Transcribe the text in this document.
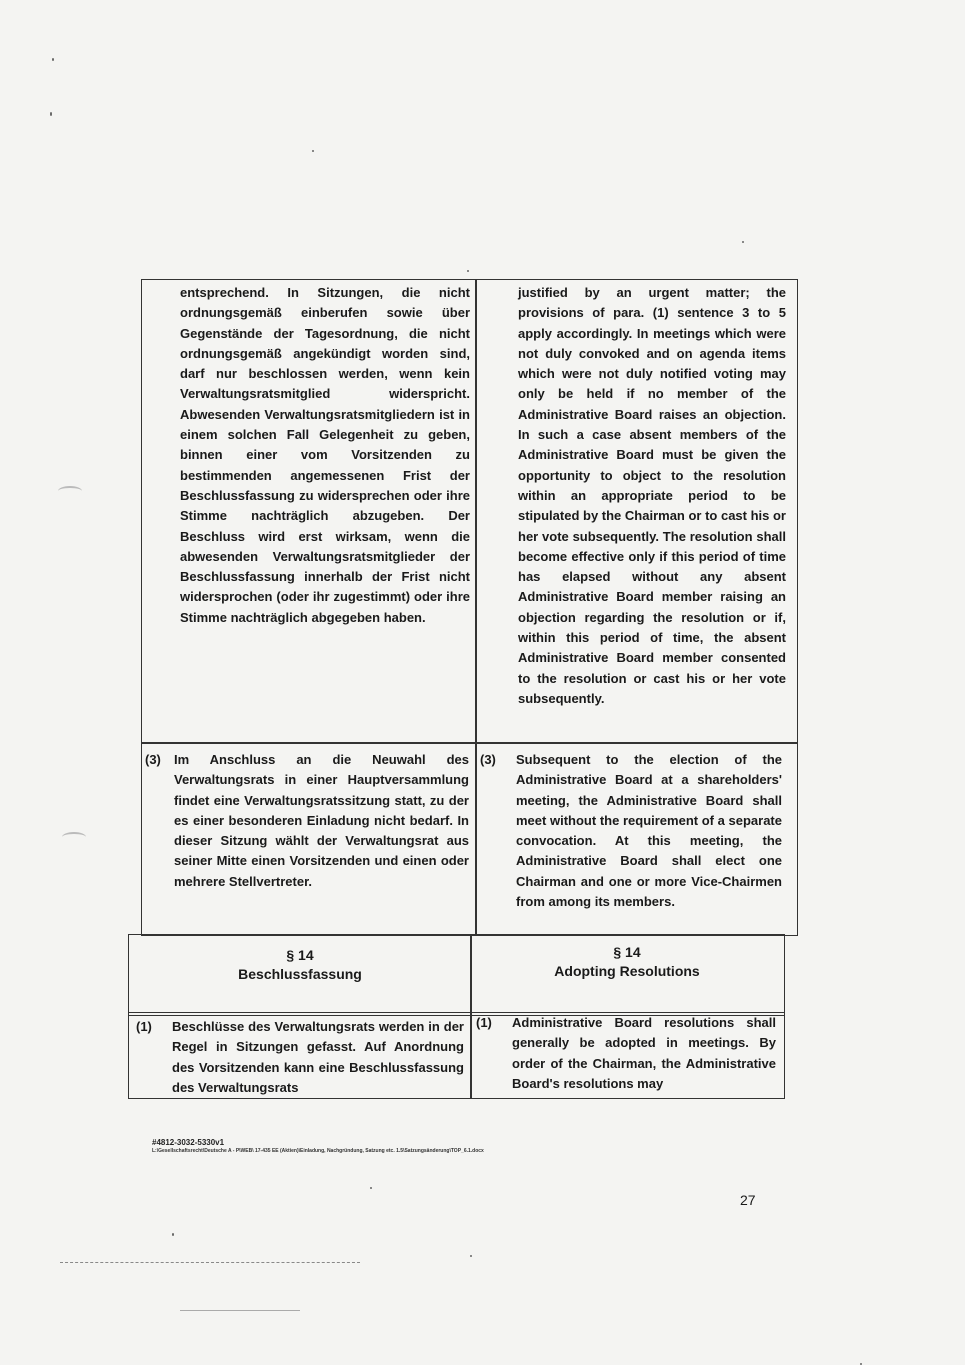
entsprechend. In Sitzungen, die nicht ordnungsgemäß einberufen sowie über Gegenstände der Tagesordnung, die nicht ordnungsgemäß angekündigt worden sind, darf nur beschlossen werden, wenn kein Verwaltungsratsmitglied widerspricht. Abwesenden Verwaltungsratsmitgliedern ist in einem solchen Fall Gelegenheit zu geben, binnen einer vom Vorsitzenden zu bestimmenden angemessenen Frist der Beschlussfassung zu widersprechen oder ihre Stimme nachträglich abzugeben. Der Beschluss wird erst wirksam, wenn die abwesenden Verwaltungsratsmitglieder der Beschlussfassung innerhalb der Frist nicht widersprochen (oder ihr zugestimmt) oder ihre Stimme nachträglich abgegeben haben.
justified by an urgent matter; the provisions of para. (1) sentence 3 to 5 apply accordingly. In meetings which were not duly convoked and on agenda items which were not duly notified voting may only be held if no member of the Administrative Board raises an objection. In such a case absent members of the Administrative Board must be given the opportunity to object to the resolution within an appropriate period to be stipulated by the Chairman or to cast his or her vote subsequently. The resolution shall become effective only if this period of time has elapsed without any absent Administrative Board member raising an objection regarding the resolution or if, within this period of time, the absent Administrative Board member consented to the resolution or cast his or her vote subsequently.
(3) Im Anschluss an die Neuwahl des Verwaltungsrats in einer Hauptversammlung findet eine Verwaltungsratssitzung statt, zu der es einer besonderen Einladung nicht bedarf. In dieser Sitzung wählt der Verwaltungsrat aus seiner Mitte einen Vorsitzenden und einen oder mehrere Stellvertreter.
(3) Subsequent to the election of the Administrative Board at a shareholders' meeting, the Administrative Board shall meet without the requirement of a separate convocation. At this meeting, the Administrative Board shall elect one Chairman and one or more Vice-Chairmen from among its members.
§ 14
Beschlussfassung
§ 14
Adopting Resolutions
(1) Beschlüsse des Verwaltungsrats werden in der Regel in Sitzungen gefasst. Auf Anordnung des Vorsitzenden kann eine Beschlussfassung des Verwaltungsrats
(1) Administrative Board resolutions shall generally be adopted in meetings. By order of the Chairman, the Administrative Board's resolutions may
#4812-3032-5330v1
L:\Gesellschaftsrecht\Deutsche A - P\WEB\ 17-435 EE (Aktien)\Einladung, Nachgründung, Satzung etc. 1.5\Satzungsänderung\TOP_6.1.docx
27
